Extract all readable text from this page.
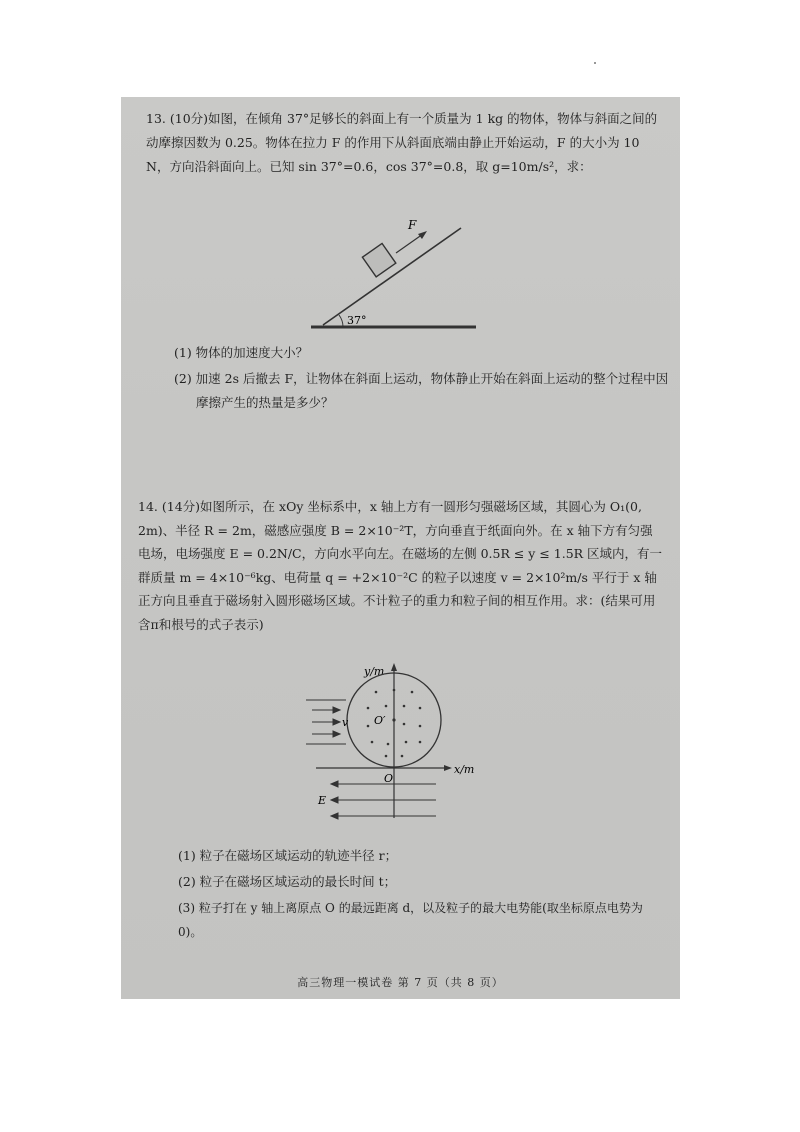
13. (10分)如图，在倾角 37°足够长的斜面上有一个质量为 1 kg 的物体，物体与斜面之间的动摩擦因数为 0.25。物体在拉力 F 的作用下从斜面底端由静止开始运动，F 的大小为 10 N，方向沿斜面向上。已知 sin 37°=0.6，cos 37°=0.8，取 g=10m/s²，求：
F
37°
(1) 物体的加速度大小？
(2) 加速 2s 后撤去 F，让物体在斜面上运动，物体静止开始在斜面上运动的整个过程中因摩擦产生的热量是多少？
14. (14分)如图所示，在 xOy 坐标系中，x 轴上方有一圆形匀强磁场区域，其圆心为 O₁(0, 2m)、半径 R = 2m，磁感应强度 B = 2×10⁻²T，方向垂直于纸面向外。在 x 轴下方有匀强电场，电场强度 E = 0.2N/C，方向水平向左。在磁场的左侧 0.5R ≤ y ≤ 1.5R 区域内，有一群质量 m = 4×10⁻⁶kg、电荷量 q = +2×10⁻²C 的粒子以速度 v = 2×10²m/s 平行于 x 轴正方向且垂直于磁场射入圆形磁场区域。不计粒子的重力和粒子间的相互作用。求：(结果可用含π和根号的式子表示)
y/m
x/m
O′
O
v
E
(1) 粒子在磁场区域运动的轨迹半径 r；
(2) 粒子在磁场区域运动的最长时间 t；
(3) 粒子打在 y 轴上离原点 O 的最远距离 d，以及粒子的最大电势能(取坐标原点电势为 0)。
高三物理一模试卷 第 7 页（共 8 页）
